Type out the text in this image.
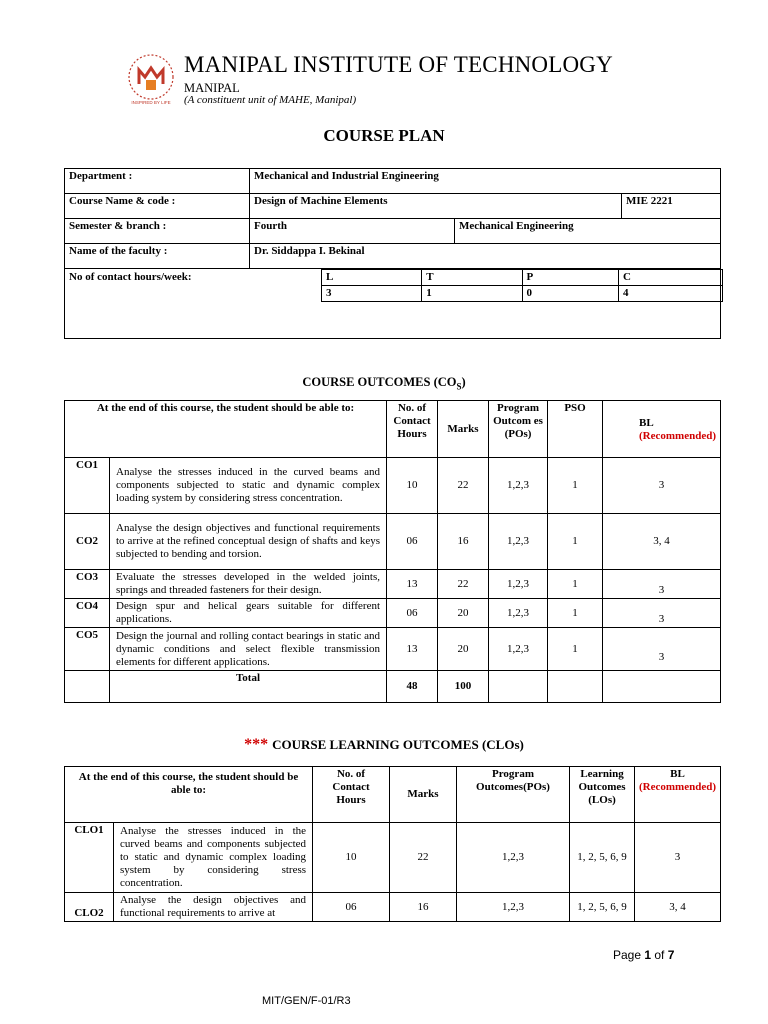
INSPIRED BY LIFE
MANIPAL INSTITUTE OF TECHNOLOGY
MANIPAL
(A constituent unit of MAHE, Manipal)
COURSE PLAN
Department :	Mechanical and Industrial Engineering
Course Name & code :	Design of Machine Elements	MIE 2221
Semester & branch :	Fourth	Mechanical Engineering
Name of the faculty :	Dr. Siddappa I. Bekinal

No of contact hours/week:	L	T	P	C
3	1	0	4
COURSE OUTCOMES $(CO_S)$
At the end of this course, the student should be able to:		No. of Contact Hours	Marks	Program Outcom es (POs)	PSO	BL
(Recommended)
CO1	Analyse the stresses induced in the curved beams and components subjected to static and dynamic complex loading system by considering stress concentration.	10	22	1,2,3	1	3
CO2	Analyse the design objectives and functional requirements to arrive at the refined conceptual design of shafts and keys subjected to bending and torsion.	06	16	1,2,3	1	3, 4
CO3	Evaluate the stresses developed in the welded joints, springs and threaded fasteners for their design.	13	22	1,2,3	1	3
CO4	Design spur and helical gears suitable for different applications.	06	20	1,2,3	1	3
CO5	Design the journal and rolling contact bearings in static and dynamic conditions and select flexible transmission elements for different applications.	13	20	1,2,3	1	3
	Total	48	100			
*** COURSE LEARNING OUTCOMES (CLOs)
At the end of this course, the student should be able to:		No. of Contact Hours	Marks	Program Outcomes(POs)	Learning Outcomes (LOs)	BL
(Recommended)
CLO1	Analyse the stresses induced in the curved beams and components subjected to static and dynamic complex loading system by considering stress concentration.	10	22	1,2,3	1, 2, 5, 6, 9	3
CLO2	Analyse the design objectives and functional requirements to arrive at	06	16	1,2,3	1, 2, 5, 6, 9	3, 4
Page 1 of 7
MIT/GEN/F-01/R3
